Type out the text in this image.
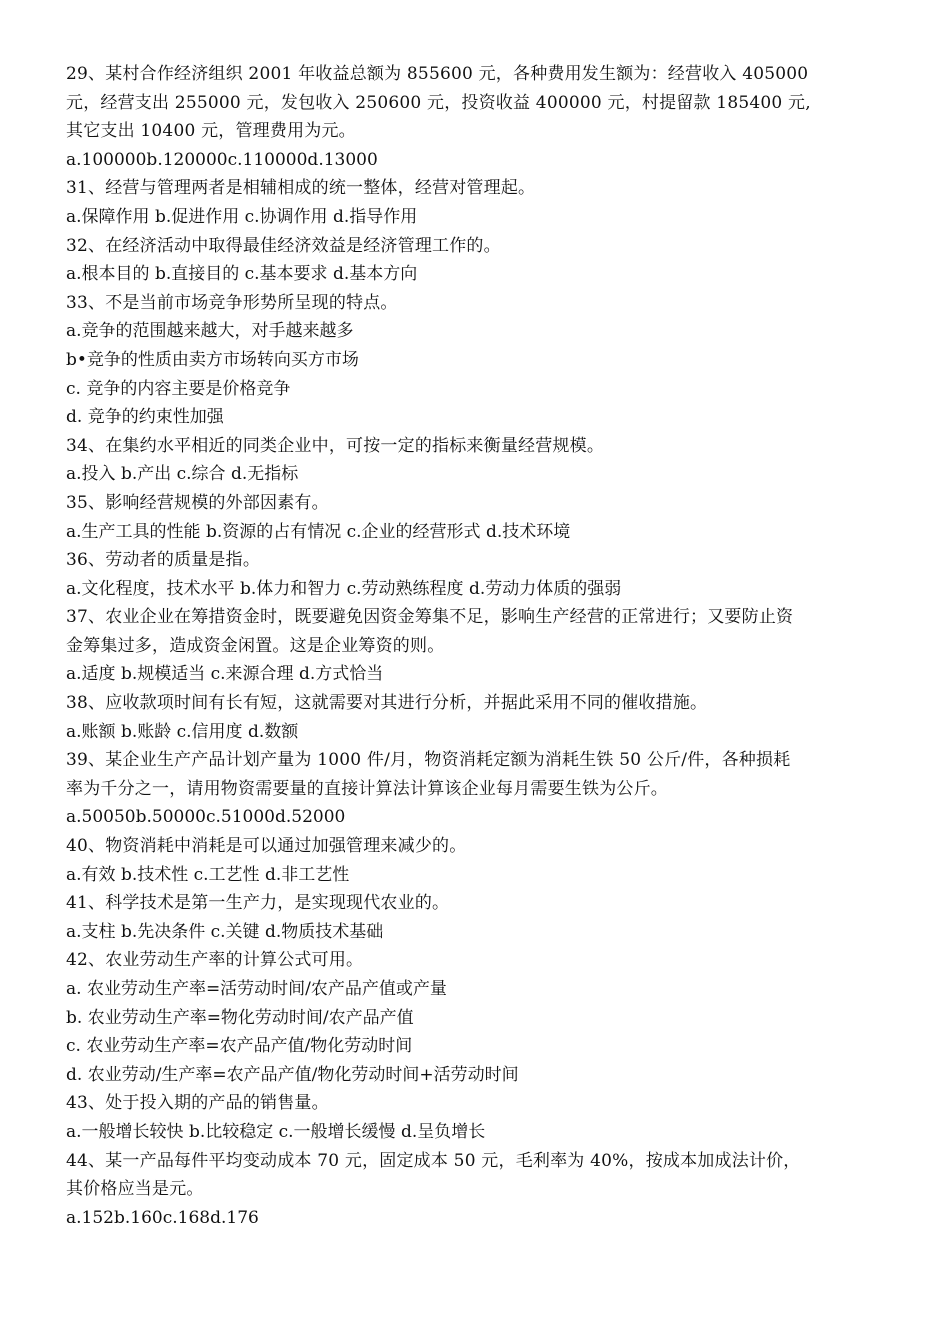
29、某村合作经济组织 2001 年收益总额为 855600 元，各种费用发生额为：经营收入 405000
元，经营支出 255000 元，发包收入 250600 元，投资收益 400000 元，村提留款 185400 元,
其它支出 10400 元，管理费用为元。
a.100000b.120000c.110000d.13000
31、经营与管理两者是相辅相成的统一整体，经营对管理起。
a.保障作用 b.促进作用 c.协调作用 d.指导作用
32、在经济活动中取得最佳经济效益是经济管理工作的。
a.根本目的 b.直接目的 c.基本要求 d.基本方向
33、不是当前市场竞争形势所呈现的特点。
a.竞争的范围越来越大，对手越来越多
b•竞争的性质由卖方市场转向买方市场
c. 竞争的内容主要是价格竞争
d. 竞争的约束性加强
34、在集约水平相近的同类企业中，可按一定的指标来衡量经营规模。
a.投入 b.产出 c.综合 d.无指标
35、影响经营规模的外部因素有。
a.生产工具的性能 b.资源的占有情况 c.企业的经营形式 d.技术环境
36、劳动者的质量是指。
a.文化程度，技术水平 b.体力和智力 c.劳动熟练程度 d.劳动力体质的强弱
37、农业企业在筹措资金时，既要避免因资金筹集不足，影响生产经营的正常进行；又要防止资
金筹集过多，造成资金闲置。这是企业筹资的则。
a.适度 b.规模适当 c.来源合理 d.方式恰当
38、应收款项时间有长有短，这就需要对其进行分析，并据此采用不同的催收措施。
a.账额 b.账龄 c.信用度 d.数额
39、某企业生产产品计划产量为 1000 件/月，物资消耗定额为消耗生铁 50 公斤/件，各种损耗
率为千分之一，请用物资需要量的直接计算法计算该企业每月需要生铁为公斤。
a.50050b.50000c.51000d.52000
40、物资消耗中消耗是可以通过加强管理来减少的。
a.有效 b.技术性 c.工艺性 d.非工艺性
41、科学技术是第一生产力，是实现现代农业的。
a.支柱 b.先决条件 c.关键 d.物质技术基础
42、农业劳动生产率的计算公式可用。
a. 农业劳动生产率=活劳动时间/农产品产值或产量
b. 农业劳动生产率=物化劳动时间/农产品产值
c. 农业劳动生产率=农产品产值/物化劳动时间
d. 农业劳动/生产率=农产品产值/物化劳动时间+活劳动时间
43、处于投入期的产品的销售量。
a.一般增长较快 b.比较稳定 c.一般增长缓慢 d.呈负增长
44、某一产品每件平均变动成本 70 元，固定成本 50 元，毛利率为 40%，按成本加成法计价，
其价格应当是元。
a.152b.160c.168d.176
